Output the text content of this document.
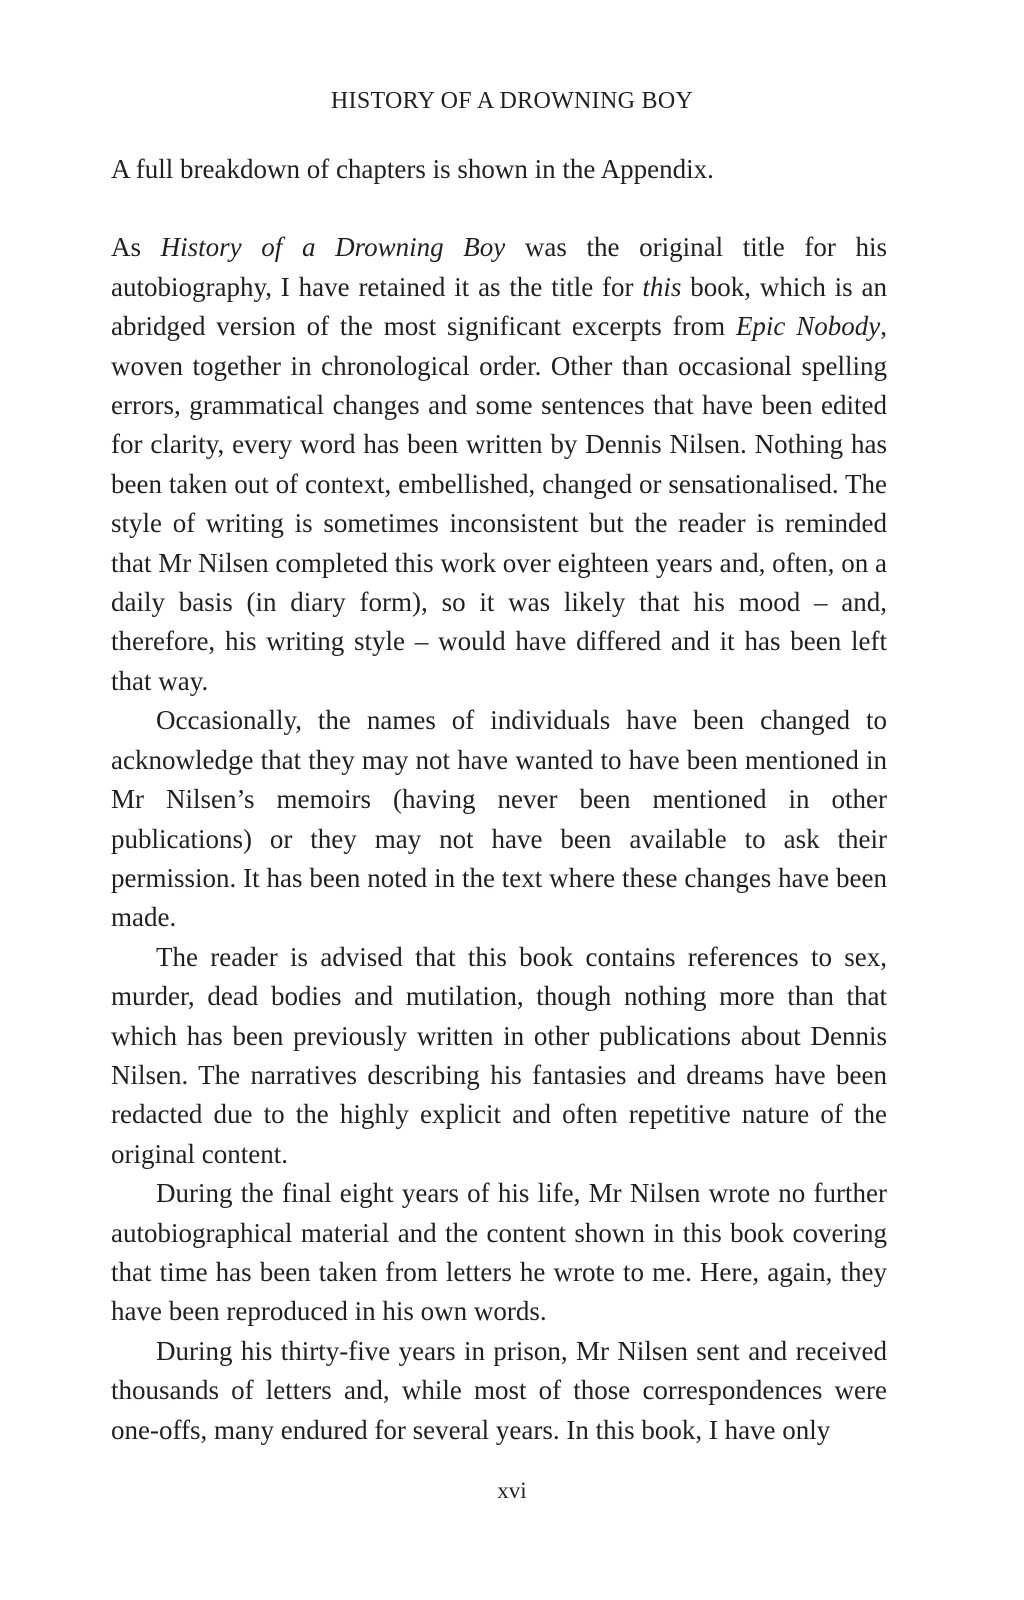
HISTORY OF A DROWNING BOY

A full breakdown of chapters is shown in the Appendix.

As History of a Drowning Boy was the original title for his autobiography, I have retained it as the title for this book, which is an abridged version of the most significant excerpts from Epic Nobody, woven together in chronological order. Other than occasional spelling errors, grammatical changes and some sentences that have been edited for clarity, every word has been written by Dennis Nilsen. Nothing has been taken out of context, embellished, changed or sensationalised. The style of writing is sometimes inconsistent but the reader is reminded that Mr Nilsen completed this work over eighteen years and, often, on a daily basis (in diary form), so it was likely that his mood – and, therefore, his writing style – would have differed and it has been left that way.

Occasionally, the names of individuals have been changed to acknowledge that they may not have wanted to have been mentioned in Mr Nilsen’s memoirs (having never been mentioned in other publications) or they may not have been available to ask their permission. It has been noted in the text where these changes have been made.

The reader is advised that this book contains references to sex, murder, dead bodies and mutilation, though nothing more than that which has been previously written in other publications about Dennis Nilsen. The narratives describing his fantasies and dreams have been redacted due to the highly explicit and often repetitive nature of the original content.

During the final eight years of his life, Mr Nilsen wrote no further autobiographical material and the content shown in this book covering that time has been taken from letters he wrote to me. Here, again, they have been reproduced in his own words.

During his thirty-five years in prison, Mr Nilsen sent and received thousands of letters and, while most of those correspondences were one-offs, many endured for several years. In this book, I have only

xvi
